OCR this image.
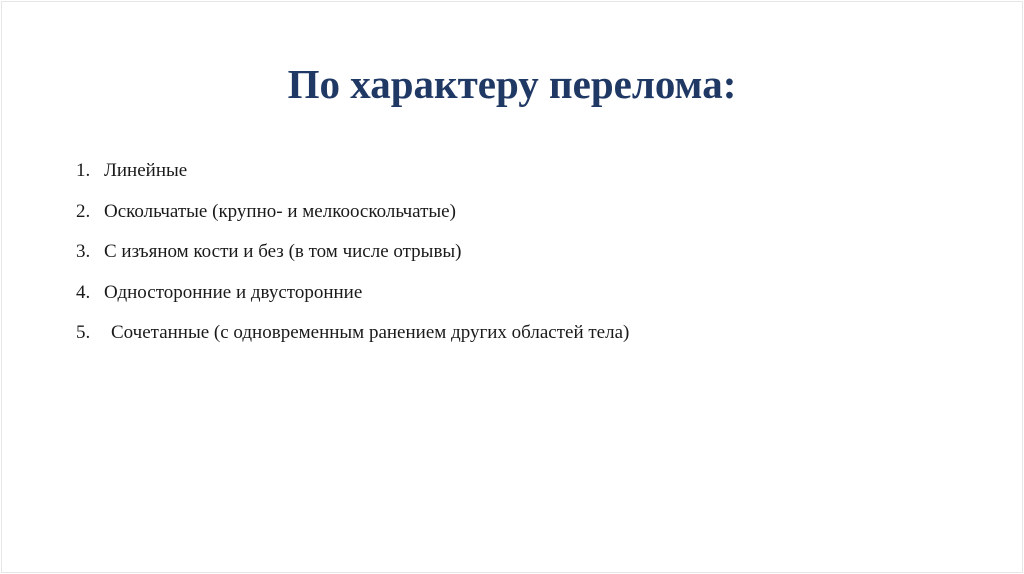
По характеру перелома:
1. Линейные
2. Оскольчатые (крупно- и мелкооскольчатые)
3. С изъяном кости и без (в том числе отрывы)
4. Односторонние и двусторонние
5.	Сочетанные (с одновременным ранением других областей тела)
